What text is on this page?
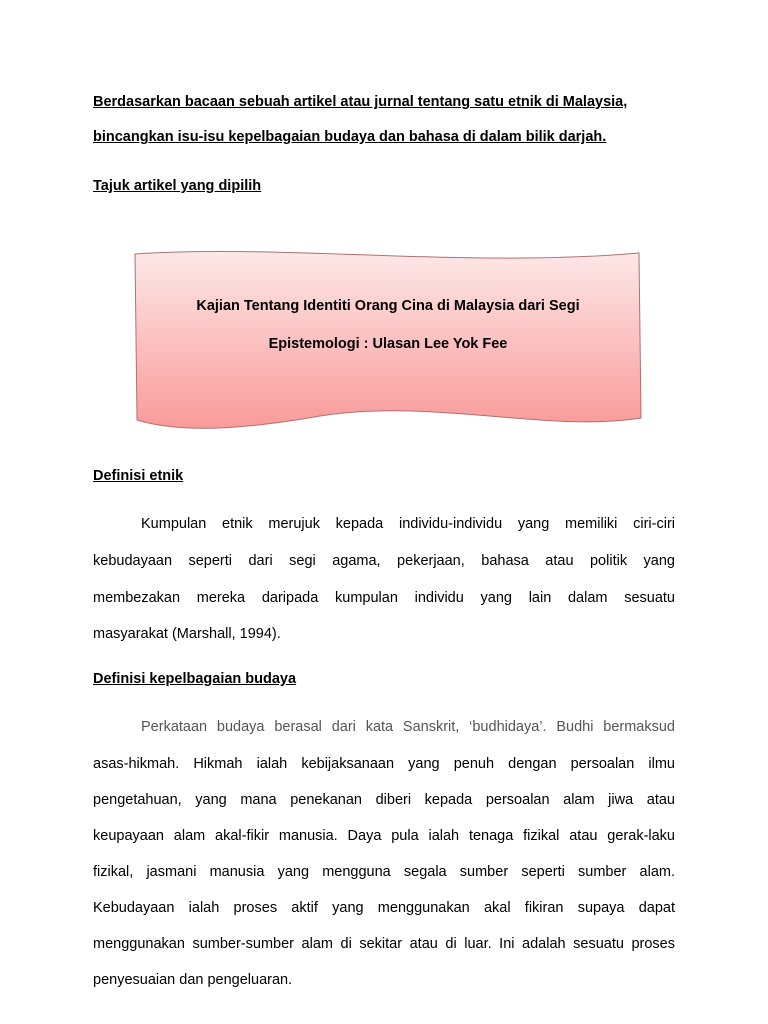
Berdasarkan bacaan sebuah artikel atau jurnal tentang satu etnik di Malaysia,

bincangkan isu-isu kepelbagaian budaya dan bahasa di dalam bilik darjah.

Tajuk artikel yang dipilih

Kajian Tentang Identiti Orang Cina di Malaysia dari Segi

Epistemologi : Ulasan Lee Yok Fee

Definisi etnik

Kumpulan etnik merujuk kepada individu-individu yang memiliki ciri-ciri
kebudayaan seperti dari segi agama, pekerjaan, bahasa atau politik yang
membezakan mereka daripada kumpulan individu yang lain dalam sesuatu
masyarakat (Marshall, 1994).

Definisi kepelbagaian budaya

Perkataan budaya berasal dari kata Sanskrit, ‘budhidaya’. Budhi bermaksud
asas-hikmah. Hikmah ialah kebijaksanaan yang penuh dengan persoalan ilmu
pengetahuan, yang mana penekanan diberi kepada persoalan alam jiwa atau
keupayaan alam akal-fikir manusia. Daya pula ialah tenaga fizikal atau gerak-laku
fizikal, jasmani manusia yang mengguna segala sumber seperti sumber alam.
Kebudayaan ialah proses aktif yang menggunakan akal fikiran supaya dapat
menggunakan sumber-sumber alam di sekitar atau di luar. Ini adalah sesuatu proses
penyesuaian dan pengeluaran.
